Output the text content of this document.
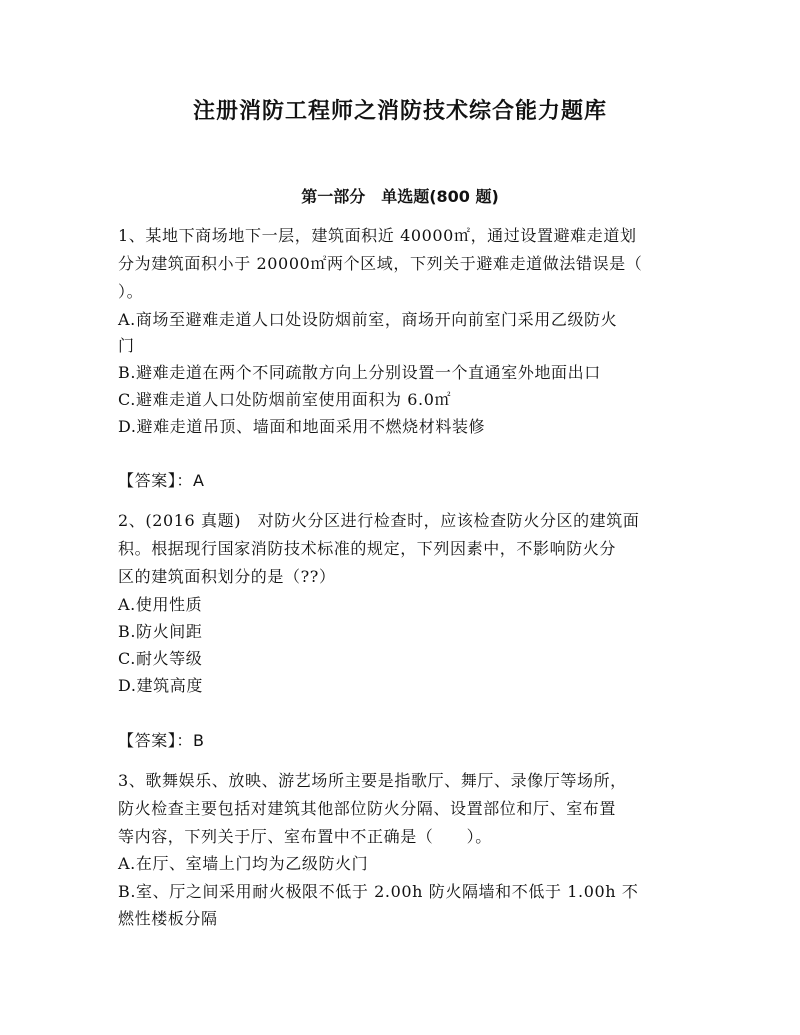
注册消防工程师之消防技术综合能力题库
第一部分　单选题(800 题)
1、某地下商场地下一层，建筑面积近 40000㎡，通过设置避难走道划
分为建筑面积小于 20000㎡两个区域，下列关于避难走道做法错误是（
）。
A.商场至避难走道人口处设防烟前室，商场开向前室门采用乙级防火
门
B.避难走道在两个不同疏散方向上分别设置一个直通室外地面出口
C.避难走道人口处防烟前室使用面积为 6.0㎡
D.避难走道吊顶、墙面和地面采用不燃烧材料装修
【答案】：A
2、(2016 真题)　对防火分区进行检查时，应该检查防火分区的建筑面
积。根据现行国家消防技术标准的规定，下列因素中，不影响防火分
区的建筑面积划分的是（??）
A.使用性质
B.防火间距
C.耐火等级
D.建筑高度
【答案】：B
3、歌舞娱乐、放映、游艺场所主要是指歌厅、舞厅、录像厅等场所，
防火检查主要包括对建筑其他部位防火分隔、设置部位和厅、室布置
等内容，下列关于厅、室布置中不正确是（　　）。
A.在厅、室墙上门均为乙级防火门
B.室、厅之间采用耐火极限不低于 2.00h 防火隔墙和不低于 1.00h 不
燃性楼板分隔
